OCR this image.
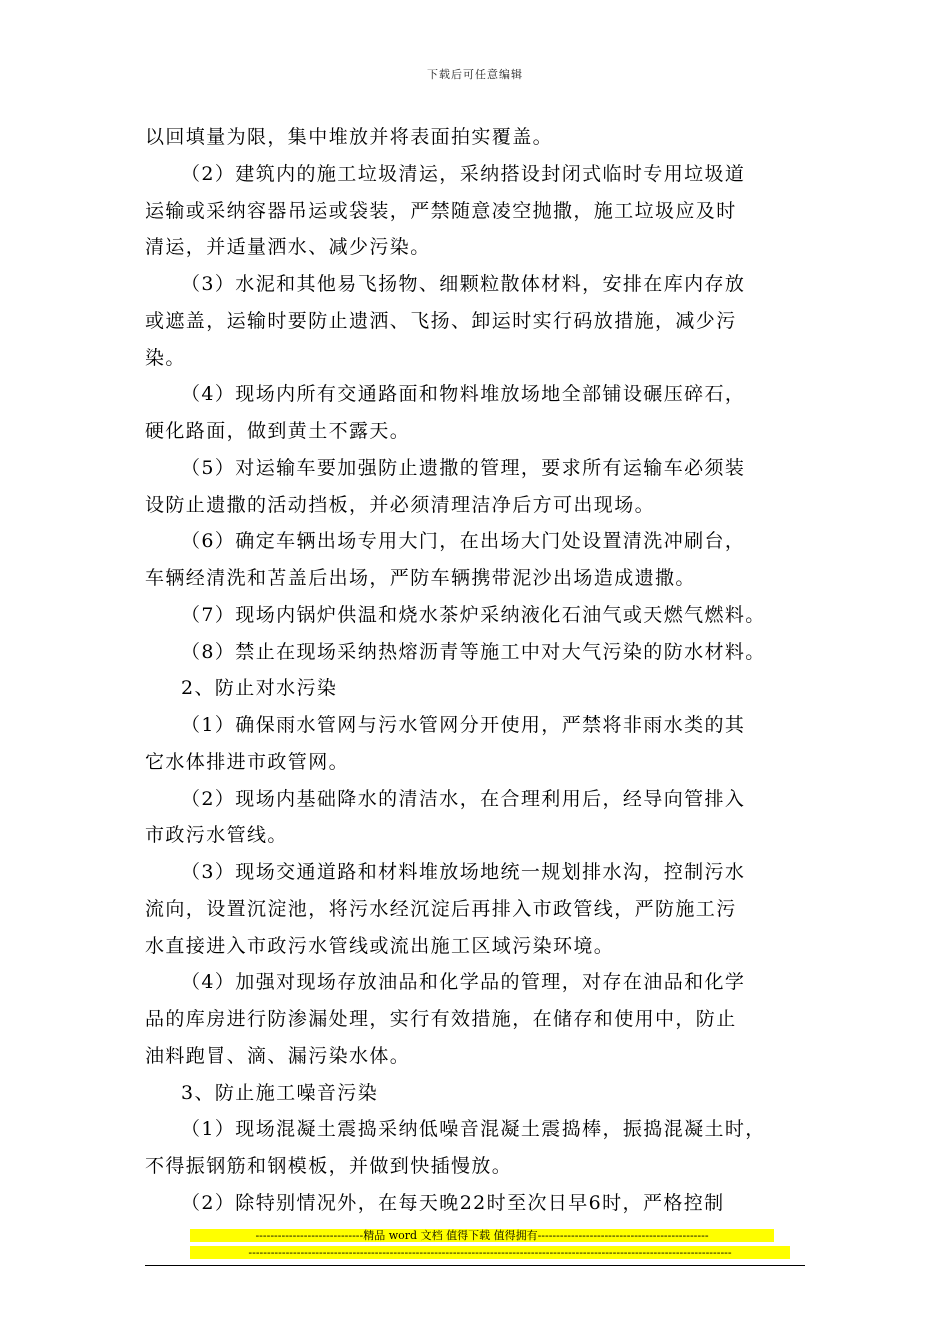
下载后可任意编辑
以回填量为限，集中堆放并将表面拍实覆盖。
（2）建筑内的施工垃圾清运，采纳搭设封闭式临时专用垃圾道
运输或采纳容器吊运或袋装，严禁随意凌空抛撒，施工垃圾应及时
清运，并适量洒水、减少污染。
（3）水泥和其他易飞扬物、细颗粒散体材料，安排在库内存放
或遮盖，运输时要防止遗洒、飞扬、卸运时实行码放措施，减少污
染。
（4）现场内所有交通路面和物料堆放场地全部铺设碾压碎石，
硬化路面，做到黄土不露天。
（5）对运输车要加强防止遗撒的管理，要求所有运输车必须装
设防止遗撒的活动挡板，并必须清理洁净后方可出现场。
（6）确定车辆出场专用大门，在出场大门处设置清洗冲刷台，
车辆经清洗和苫盖后出场，严防车辆携带泥沙出场造成遗撒。
（7）现场内锅炉供温和烧水茶炉采纳液化石油气或天燃气燃料。
（8）禁止在现场采纳热熔沥青等施工中对大气污染的防水材料。
2、防止对水污染
（1）确保雨水管网与污水管网分开使用，严禁将非雨水类的其
它水体排进市政管网。
（2）现场内基础降水的清洁水，在合理利用后，经导向管排入
市政污水管线。
（3）现场交通道路和材料堆放场地统一规划排水沟，控制污水
流向，设置沉淀池，将污水经沉淀后再排入市政管线，严防施工污
水直接进入市政污水管线或流出施工区域污染环境。
（4）加强对现场存放油品和化学品的管理，对存在油品和化学
品的库房进行防渗漏处理，实行有效措施，在储存和使用中，防止
油料跑冒、滴、漏污染水体。
3、防止施工噪音污染
（1）现场混凝土震捣采纳低噪音混凝土震捣棒，振捣混凝土时，
不得振钢筋和钢模板，并做到快插慢放。
（2）除特别情况外，在每天晚22时至次日早6时，严格控制
-----------------------------精品 word 文档 值得下载 值得拥有----------------------------------------------
----------------------------------------------------------------------------------------------------------------------------------
